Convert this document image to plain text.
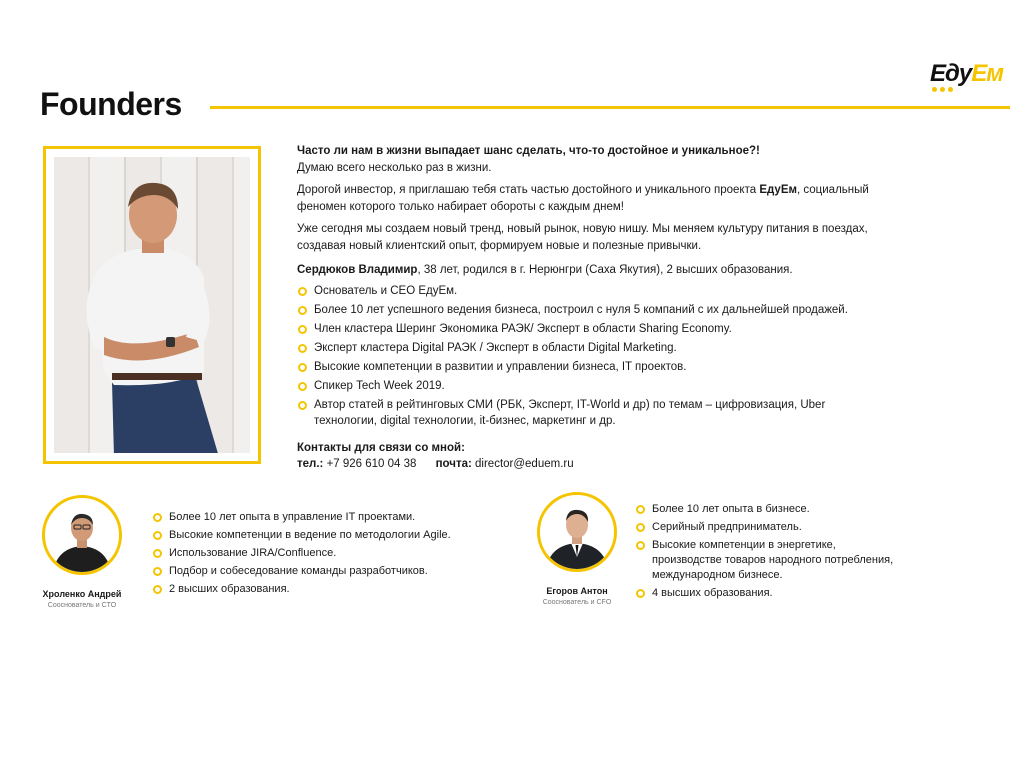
Founders
ЕдуЕм

Часто ли нам в жизни выпадает шанс сделать, что-то достойное и уникальное?!
Думаю всего несколько раз в жизни.

Дорогой инвестор, я приглашаю тебя стать частью достойного и уникального проекта ЕдуЕм, социальный феномен которого только набирает обороты с каждым днем!

Уже сегодня мы создаем новый тренд, новый рынок, новую нишу. Мы меняем культуру питания в поездах, создавая новый клиентский опыт, формируем новые и полезные привычки.

Сердюков Владимир, 38 лет, родился в г. Нерюнгри (Саха Якутия), 2 высших образования.

Основатель и CEO ЕдуЕм.
Более 10 лет успешного ведения бизнеса, построил с нуля 5 компаний с их дальнейшей продажей.
Член кластера Шеринг Экономика РАЭК/ Эксперт в области Sharing Economy.
Эксперт кластера Digital РАЭК / Эксперт в области Digital Marketing.
Высокие компетенции в развитии и управлении бизнеса, IT проектов.
Спикер Tech Week 2019.
Автор статей в рейтинговых СМИ (РБК, Эксперт, IT-World и др) по темам – цифровизация, Uber технологии, digital технологии, it-бизнес, маркетинг и др.
Контакты для связи со мной:
тел.: +7 926 610 04 38 почта: director@eduem.ru
Хроленко Андрей
Сооснователь и CTO
Более 10 лет опыта в управление IT проектами.
Высокие компетенции в ведение по методологии Agile.
Использование JIRA/Confluence.
Подбор и собеседование команды разработчиков.
2 высших образования.	Егоров Антон
Сооснователь и CFO
Более 10 лет опыта в бизнесе.
Серийный предприниматель.
Высокие компетенции в энергетике, производстве товаров народного потребления, международном бизнесе.
4 высших образования.
